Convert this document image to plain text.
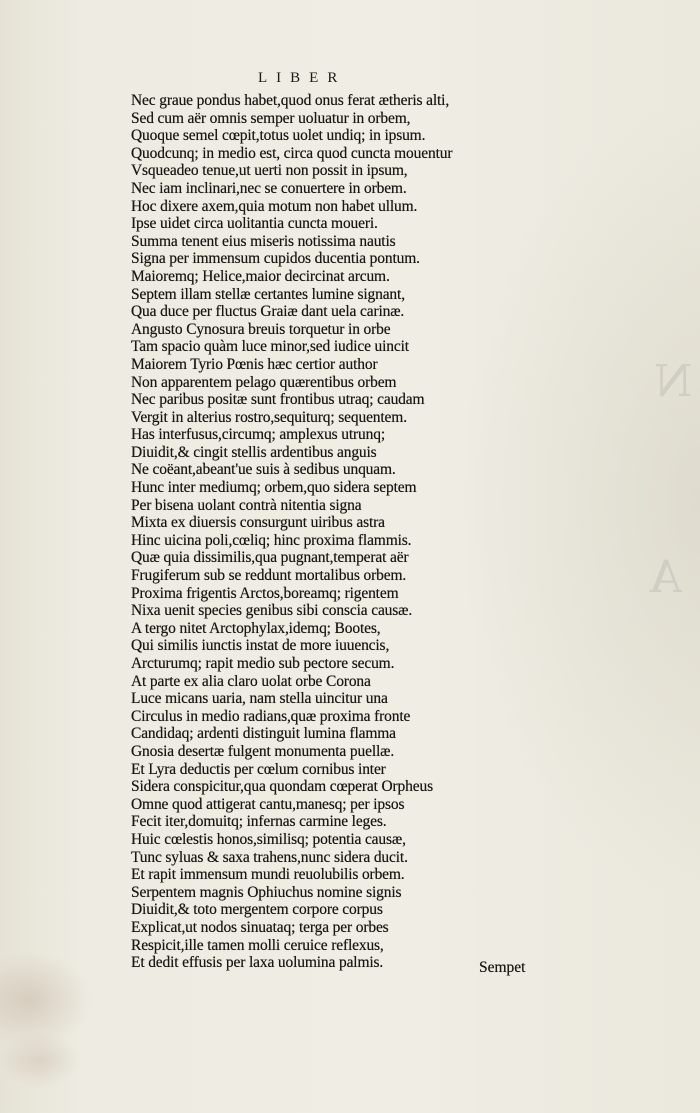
N
A
LIBER
Nec graue pondus habet,quod onus ferat ætheris alti,
Sed cum aër omnis semper uoluatur in orbem,
Quoque semel cœpit,totus uolet undiq; in ipsum.
Quodcunq; in medio est, circa quod cuncta mouentur
Vsqueadeo tenue,ut uerti non possit in ipsum,
Nec iam inclinari,nec se conuertere in orbem.
Hoc dixere axem,quia motum non habet ullum.
Ipse uidet circa uolitantia cuncta moueri.
Summa tenent eius miseris notissima nautis
Signa per immensum cupidos ducentia pontum.
Maioremq; Helice,maior decircinat arcum.
Septem illam stellæ certantes lumine signant,
Qua duce per fluctus Graiæ dant uela carinæ.
Angusto Cynosura breuis torquetur in orbe
Tam spacio quàm luce minor,sed iudice uincit
Maiorem Tyrio Pœnis hæc certior author
Non apparentem pelago quærentibus orbem
Nec paribus positæ sunt frontibus utraq; caudam
Vergit in alterius rostro,sequiturq; sequentem.
Has interfusus,circumq; amplexus utrunq;
Diuidit,& cingit stellis ardentibus anguis
Ne coëant,abeant'ue suis à sedibus unquam.
Hunc inter mediumq; orbem,quo sidera septem
Per bisena uolant contrà nitentia signa
Mixta ex diuersis consurgunt uiribus astra
Hinc uicina poli,cœliq; hinc proxima flammis.
Quæ quia dissimilis,qua pugnant,temperat aër
Frugiferum sub se reddunt mortalibus orbem.
Proxima frigentis Arctos,boreamq; rigentem
Nixa uenit species genibus sibi conscia causæ.
A tergo nitet Arctophylax,idemq; Bootes,
Qui similis iunctis instat de more iuuencis,
Arcturumq; rapit medio sub pectore secum.
At parte ex alia claro uolat orbe Corona
Luce micans uaria, nam stella uincitur una
Circulus in medio radians,quæ proxima fronte
Candidaq; ardenti distinguit lumina flamma
Gnosia desertæ fulgent monumenta puellæ.
Et Lyra deductis per cœlum cornibus inter
Sidera conspicitur,qua quondam cœperat Orpheus
Omne quod attigerat cantu,manesq; per ipsos
Fecit iter,domuitq; infernas carmine leges.
Huic cœlestis honos,similisq; potentia causæ,
Tunc syluas & saxa trahens,nunc sidera ducit.
Et rapit immensum mundi reuolubilis orbem.
Serpentem magnis Ophiuchus nomine signis
Diuidit,& toto mergentem corpore corpus
Explicat,ut nodos sinuataq; terga per orbes
Respicit,ille tamen molli ceruice reflexus,
Et dedit effusis per laxa uolumina palmis.	Sempet
